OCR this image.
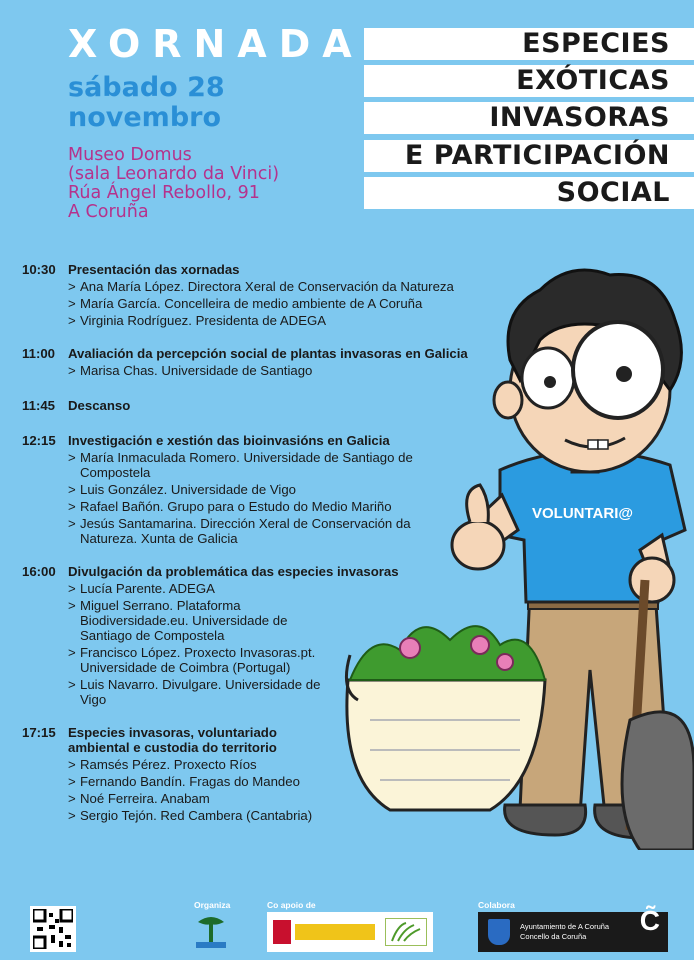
XORNADA
sábado 28
novembro
Museo Domus
(sala Leonardo da Vinci)
Rúa Ángel Rebollo, 91
A Coruña
ESPECIES
EXÓTICAS
INVASORAS
E PARTICIPACIÓN
SOCIAL
10:30 Presentación das xornadas
> Ana María López. Directora Xeral de Conservación da Natureza
> María García. Concelleira de medio ambiente de A Coruña
> Virginia Rodríguez. Presidenta de ADEGA
11:00 Avaliación da percepción social de plantas invasoras en Galicia
> Marisa Chas. Universidade de Santiago
11:45 Descanso
12:15 Investigación e xestión das bioinvasións en Galicia
> María Inmaculada Romero. Universidade de Santiago de Compostela
> Luis González. Universidade de Vigo
> Rafael Bañón. Grupo para o Estudo do Medio Mariño
> Jesús Santamarina. Dirección Xeral de Conservación da Natureza. Xunta de Galicia
16:00 Divulgación da problemática das especies invasoras
> Lucía Parente. ADEGA
> Miguel Serrano. Plataforma Biodiversidade.eu. Universidade de Santiago de Compostela
> Francisco López. Proxecto Invasoras.pt. Universidade de Coimbra (Portugal)
> Luis Navarro. Divulgare. Universidade de Vigo
17:15 Especies invasoras, voluntariado ambiental e custodia do territorio
> Ramsés Pérez. Proxecto Ríos
> Fernando Bandín. Fragas do Mandeo
> Noé Ferreira. Anabam
> Sergio Tejón. Red Cambera (Cantabria)
VOLUNTARI@
Organiza	Co apoio de	Colabora
Ayuntamiento de A Coruña
Concello da Coruña
C̃
